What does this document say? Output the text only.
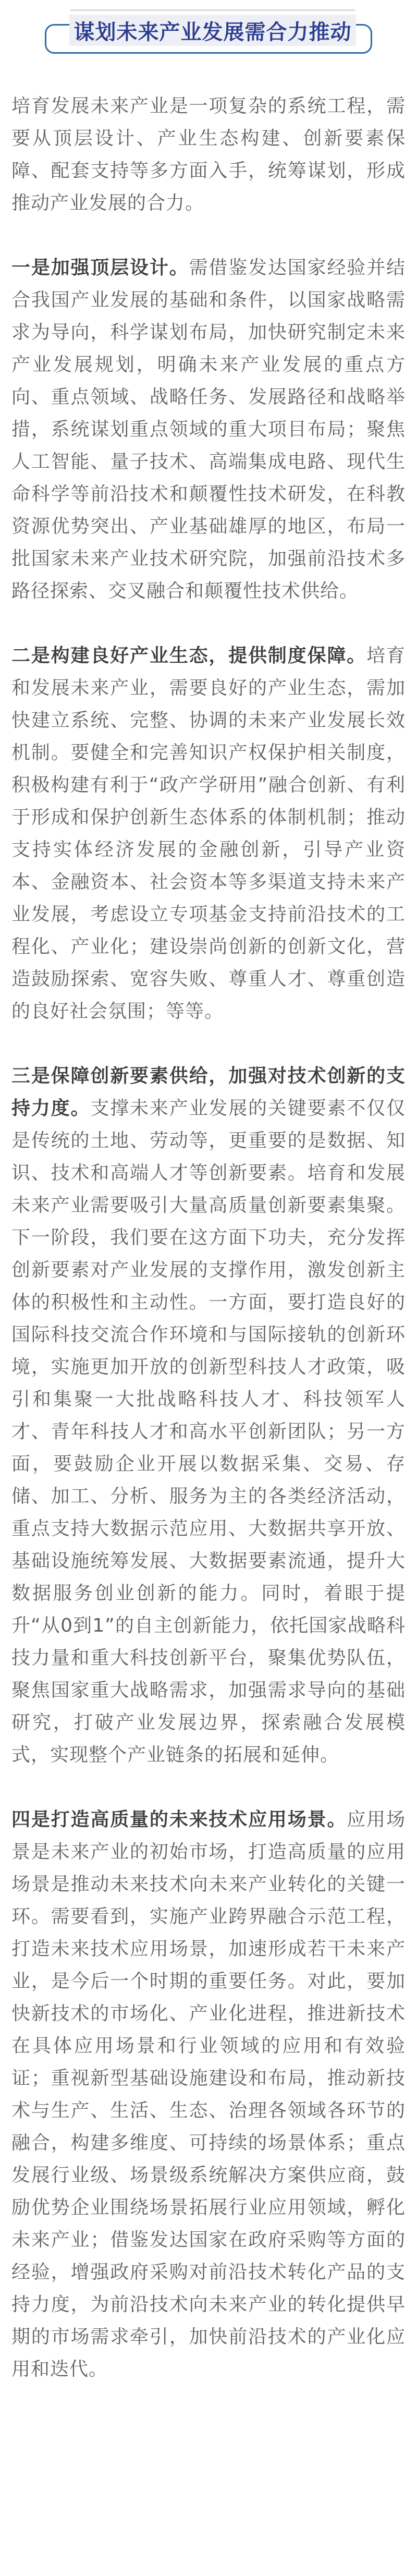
谋划未来产业发展需合力推动

培育发展未来产业是一项复杂的系统工程，需要从顶层设计、产业生态构建、创新要素保障、配套支持等多方面入手，统筹谋划，形成推动产业发展的合力。

一是加强顶层设计。需借鉴发达国家经验并结合我国产业发展的基础和条件，以国家战略需求为导向，科学谋划布局，加快研究制定未来产业发展规划，明确未来产业发展的重点方向、重点领域、战略任务、发展路径和战略举措，系统谋划重点领域的重大项目布局；聚焦人工智能、量子技术、高端集成电路、现代生命科学等前沿技术和颠覆性技术研发，在科教资源优势突出、产业基础雄厚的地区，布局一批国家未来产业技术研究院，加强前沿技术多路径探索、交叉融合和颠覆性技术供给。

二是构建良好产业生态，提供制度保障。培育和发展未来产业，需要良好的产业生态，需加快建立系统、完整、协调的未来产业发展长效机制。要健全和完善知识产权保护相关制度，积极构建有利于“政产学研用”融合创新、有利于形成和保护创新生态体系的体制机制；推动支持实体经济发展的金融创新，引导产业资本、金融资本、社会资本等多渠道支持未来产业发展，考虑设立专项基金支持前沿技术的工程化、产业化；建设崇尚创新的创新文化，营造鼓励探索、宽容失败、尊重人才、尊重创造的良好社会氛围；等等。

三是保障创新要素供给，加强对技术创新的支持力度。支撑未来产业发展的关键要素不仅仅是传统的土地、劳动等，更重要的是数据、知识、技术和高端人才等创新要素。培育和发展未来产业需要吸引大量高质量创新要素集聚。下一阶段，我们要在这方面下功夫，充分发挥创新要素对产业发展的支撑作用，激发创新主体的积极性和主动性。一方面，要打造良好的国际科技交流合作环境和与国际接轨的创新环境，实施更加开放的创新型科技人才政策，吸引和集聚一大批战略科技人才、科技领军人才、青年科技人才和高水平创新团队；另一方面，要鼓励企业开展以数据采集、交易、存储、加工、分析、服务为主的各类经济活动，重点支持大数据示范应用、大数据共享开放、基础设施统筹发展、大数据要素流通，提升大数据服务创业创新的能力。同时，着眼于提升“从0到1”的自主创新能力，依托国家战略科技力量和重大科技创新平台，聚集优势队伍，聚焦国家重大战略需求，加强需求导向的基础研究，打破产业发展边界，探索融合发展模式，实现整个产业链条的拓展和延伸。

四是打造高质量的未来技术应用场景。应用场景是未来产业的初始市场，打造高质量的应用场景是推动未来技术向未来产业转化的关键一环。需要看到，实施产业跨界融合示范工程，打造未来技术应用场景，加速形成若干未来产业，是今后一个时期的重要任务。对此，要加快新技术的市场化、产业化进程，推进新技术在具体应用场景和行业领域的应用和有效验证；重视新型基础设施建设和布局，推动新技术与生产、生活、生态、治理各领域各环节的融合，构建多维度、可持续的场景体系；重点发展行业级、场景级系统解决方案供应商，鼓励优势企业围绕场景拓展行业应用领域，孵化未来产业；借鉴发达国家在政府采购等方面的经验，增强政府采购对前沿技术转化产品的支持力度，为前沿技术向未来产业的转化提供早期的市场需求牵引，加快前沿技术的产业化应用和迭代。
